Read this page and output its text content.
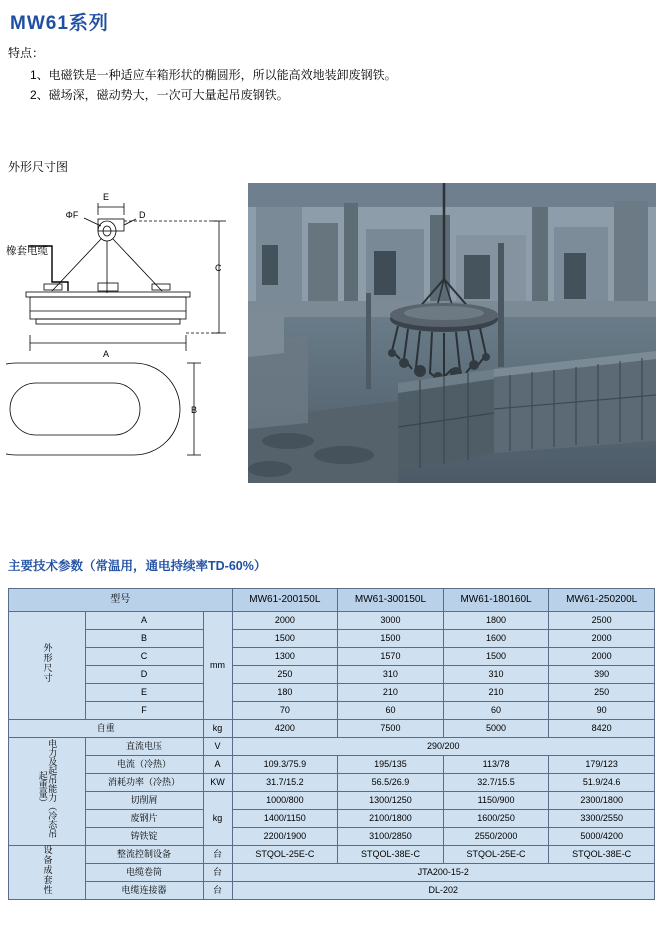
MW61系列
特点：
1、电磁铁是一种适应车箱形状的椭圆形，所以能高效地装卸废钢铁。
2、磁场深，磁动势大，一次可大量起吊废钢铁。
外形尺寸图
E
ΦF	D
C
A
B
橡套电缆
主要技术参数（常温用，通电持续率TD-60%）
型号			MW61-200150L	MW61-300150L	MW61-180160L	MW61-250200L
外形尺寸	A	mm	2000	3000	1800	2500
	B		1500	1500	1600	2000
	C		1300	1570	1500	2000
	D		250	310	310	390
	E		180	210	210	250
	F		70	60	60	90
自重		kg	4200	7500	5000	8420
电力及起吊能力（冷态吊起重量）	直流电压	V	290/200			
	电流（冷热）	A	109.3/75.9	195/135	113/78	179/123
	消耗功率（冷热）	KW	31.7/15.2	56.5/26.9	32.7/15.5	51.9/24.6
	切削屑	kg	1000/800	1300/1250	1150/900	2300/1800
	废钢片		1400/1150	2100/1800	1600/250	3300/2550
	铸铁锭		2200/1900	3100/2850	2550/2000	5000/4200
设备成套性	整流控制设备	台	STQOL-25E-C	STQOL-38E-C	STQOL-25E-C	STQOL-38E-C
	电缆卷筒	台	JTA200-15-2			
	电缆连接器	台	DL-202			
